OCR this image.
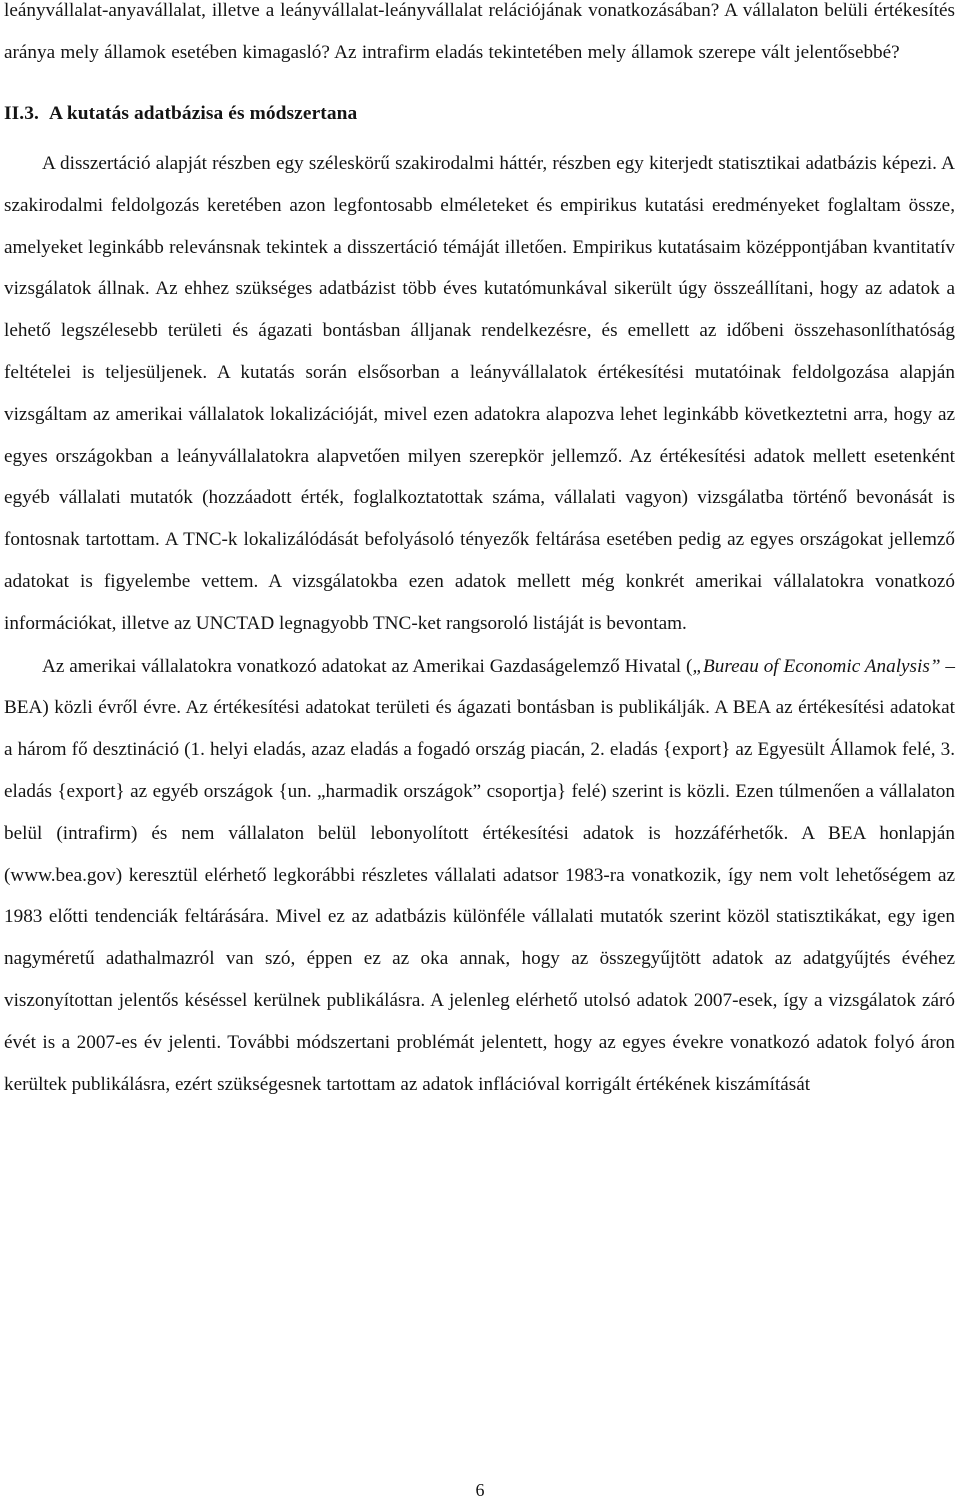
leányvállalat-anyavállalat, illetve a leányvállalat-leányvállalat relációjának vonatkozásában? A vállalaton belüli értékesítés aránya mely államok esetében kimagasló? Az intrafirm eladás tekintetében mely államok szerepe vált jelentősebbé?

II.3. A kutatás adatbázisa és módszertana

A disszertáció alapját részben egy széleskörű szakirodalmi háttér, részben egy kiterjedt statisztikai adatbázis képezi. A szakirodalmi feldolgozás keretében azon legfontosabb elméleteket és empirikus kutatási eredményeket foglaltam össze, amelyeket leginkább relevánsnak tekintek a disszertáció témáját illetően. Empirikus kutatásaim középpontjában kvantitatív vizsgálatok állnak. Az ehhez szükséges adatbázist több éves kutatómunkával sikerült úgy összeállítani, hogy az adatok a lehető legszélesebb területi és ágazati bontásban álljanak rendelkezésre, és emellett az időbeni összehasonlíthatóság feltételei is teljesüljenek. A kutatás során elsősorban a leányvállalatok értékesítési mutatóinak feldolgozása alapján vizsgáltam az amerikai vállalatok lokalizációját, mivel ezen adatokra alapozva lehet leginkább következtetni arra, hogy az egyes országokban a leányvállalatokra alapvetően milyen szerepkör jellemző. Az értékesítési adatok mellett esetenként egyéb vállalati mutatók (hozzáadott érték, foglalkoztatottak száma, vállalati vagyon) vizsgálatba történő bevonását is fontosnak tartottam. A TNC-k lokalizálódását befolyásoló tényezők feltárása esetében pedig az egyes országokat jellemző adatokat is figyelembe vettem. A vizsgálatokba ezen adatok mellett még konkrét amerikai vállalatokra vonatkozó információkat, illetve az UNCTAD legnagyobb TNC-ket rangsoroló listáját is bevontam.

Az amerikai vállalatokra vonatkozó adatokat az Amerikai Gazdaságelemző Hivatal („Bureau of Economic Analysis” – BEA) közli évről évre. Az értékesítési adatokat területi és ágazati bontásban is publikálják. A BEA az értékesítési adatokat a három fő desztináció (1. helyi eladás, azaz eladás a fogadó ország piacán, 2. eladás {export} az Egyesült Államok felé, 3. eladás {export} az egyéb országok {un. „harmadik országok” csoportja} felé) szerint is közli. Ezen túlmenően a vállalaton belül (intrafirm) és nem vállalaton belül lebonyolított értékesítési adatok is hozzáférhetők. A BEA honlapján (www.bea.gov) keresztül elérhető legkorábbi részletes vállalati adatsor 1983-ra vonatkozik, így nem volt lehetőségem az 1983 előtti tendenciák feltárására. Mivel ez az adatbázis különféle vállalati mutatók szerint közöl statisztikákat, egy igen nagyméretű adathalmazról van szó, éppen ez az oka annak, hogy az összegyűjtött adatok az adatgyűjtés évéhez viszonyítottan jelentős késéssel kerülnek publikálásra. A jelenleg elérhető utolsó adatok 2007-esek, így a vizsgálatok záró évét is a 2007-es év jelenti. További módszertani problémát jelentett, hogy az egyes évekre vonatkozó adatok folyó áron kerültek publikálásra, ezért szükségesnek tartottam az adatok inflációval korrigált értékének kiszámítását

6
